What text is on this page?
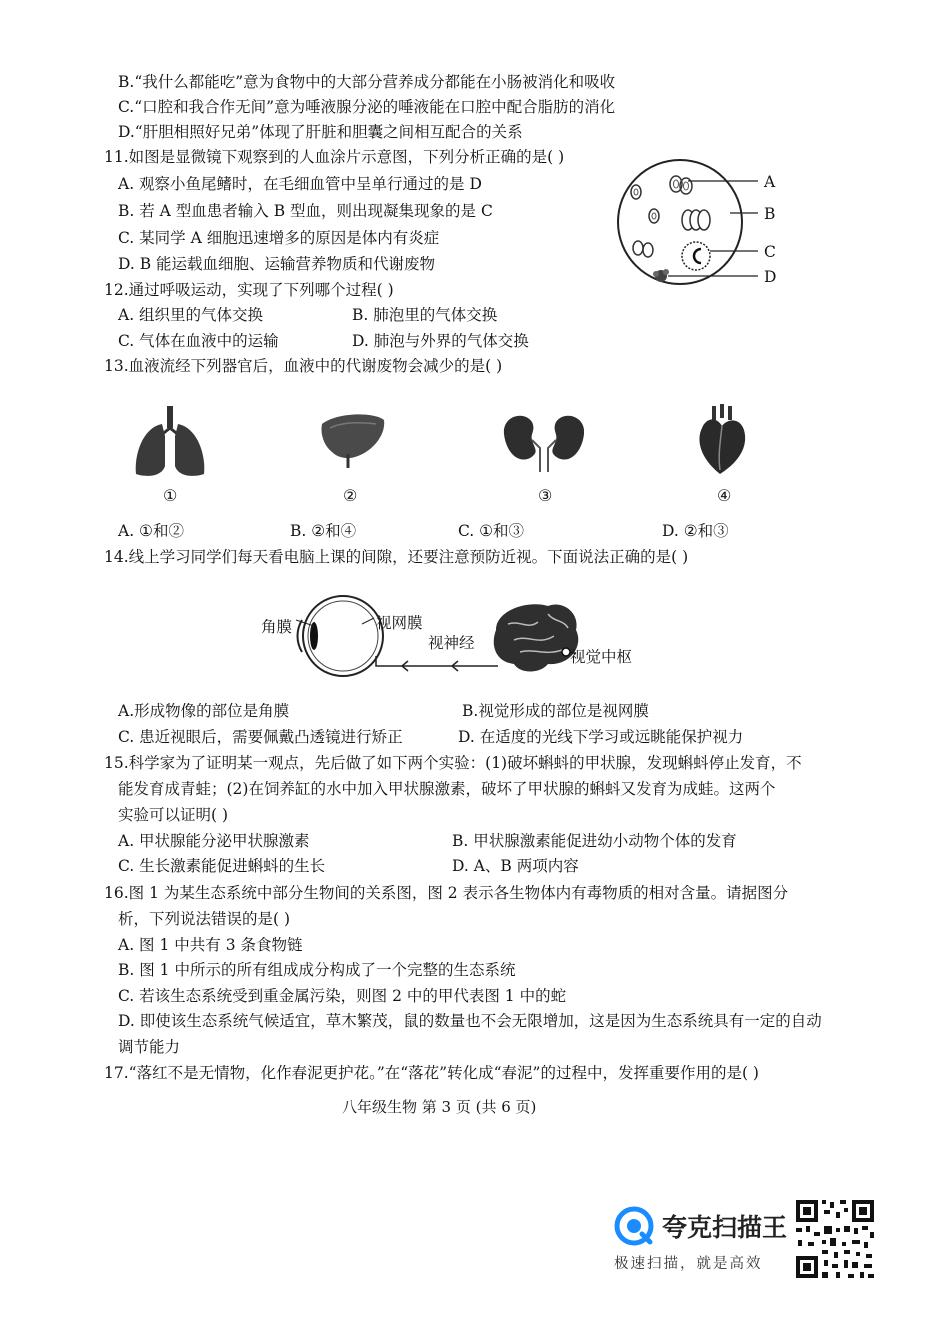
B.“我什么都能吃”意为食物中的大部分营养成分都能在小肠被消化和吸收
C.“口腔和我合作无间”意为唾液腺分泌的唾液能在口腔中配合脂肪的消化
D.“肝胆相照好兄弟”体现了肝脏和胆囊之间相互配合的关系
11.如图是显微镜下观察到的人血涂片示意图，下列分析正确的是( )
A. 观察小鱼尾鳍时，在毛细血管中呈单行通过的是 D
B. 若 A 型血患者输入 B 型血，则出现凝集现象的是 C
C. 某同学 A 细胞迅速增多的原因是体内有炎症
D. B 能运载血细胞、运输营养物质和代谢废物
A
B
C
D
12.通过呼吸运动，实现了下列哪个过程( )
A. 组织里的气体交换	B. 肺泡里的气体交换
C. 气体在血液中的运输	D. 肺泡与外界的气体交换
13.血液流经下列器官后，血液中的代谢废物会减少的是( )
①	②	③	④
A. ①和②	B. ②和④	C. ①和③	D. ②和③
14.线上学习同学们每天看电脑上课的间隙，还要注意预防近视。下面说法正确的是( )
角膜	视网膜
视神经
视觉中枢
A.形成物像的部位是角膜	B.视觉形成的部位是视网膜
C. 患近视眼后，需要佩戴凸透镜进行矫正	D. 在适度的光线下学习或远眺能保护视力
15.科学家为了证明某一观点，先后做了如下两个实验：(1)破坏蝌蚪的甲状腺，发现蝌蚪停止发育，不
能发育成青蛙；(2)在饲养缸的水中加入甲状腺激素，破坏了甲状腺的蝌蚪又发育为成蛙。这两个
实验可以证明( )
A. 甲状腺能分泌甲状腺激素	B. 甲状腺激素能促进幼小动物个体的发育
C. 生长激素能促进蝌蚪的生长	D. A、B 两项内容
16.图 1 为某生态系统中部分生物间的关系图，图 2 表示各生物体内有毒物质的相对含量。请据图分
析，下列说法错误的是( )
A. 图 1 中共有 3 条食物链
B. 图 1 中所示的所有组成成分构成了一个完整的生态系统
C. 若该生态系统受到重金属污染，则图 2 中的甲代表图 1 中的蛇
D. 即使该生态系统气候适宜，草木繁茂，鼠的数量也不会无限增加，这是因为生态系统具有一定的自动
调节能力
17.“落红不是无情物，化作春泥更护花。”在“落花”转化成“春泥”的过程中，发挥重要作用的是( )
八年级生物 第 3 页 (共 6 页)
夸克扫描王
极速扫描，就是高效
